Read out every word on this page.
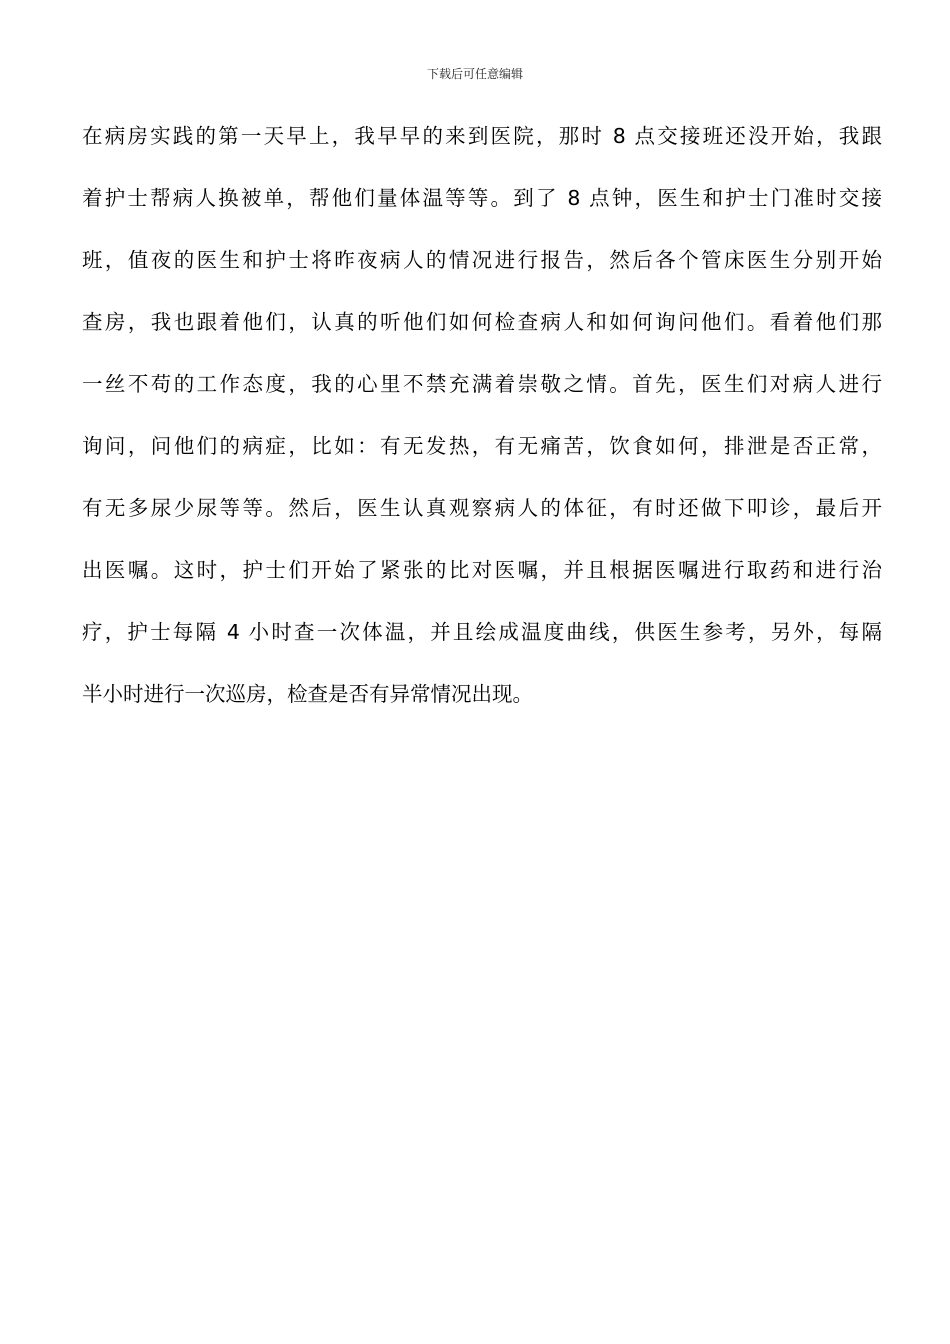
下载后可任意编辑
在病房实践的第一天早上，我早早的来到医院，那时 8 点交接班还没开始，我跟
着护士帮病人换被单，帮他们量体温等等。到了 8 点钟，医生和护士门准时交接
班，值夜的医生和护士将昨夜病人的情况进行报告，然后各个管床医生分别开始
查房，我也跟着他们，认真的听他们如何检查病人和如何询问他们。看着他们那
一丝不苟的工作态度，我的心里不禁充满着崇敬之情。首先，医生们对病人进行
询问，问他们的病症，比如：有无发热，有无痛苦，饮食如何，排泄是否正常，
有无多尿少尿等等。然后，医生认真观察病人的体征，有时还做下叩诊，最后开
出医嘱。这时，护士们开始了紧张的比对医嘱，并且根据医嘱进行取药和进行治
疗，护士每隔 4 小时查一次体温，并且绘成温度曲线，供医生参考，另外，每隔
半小时进行一次巡房，检查是否有异常情况出现。
